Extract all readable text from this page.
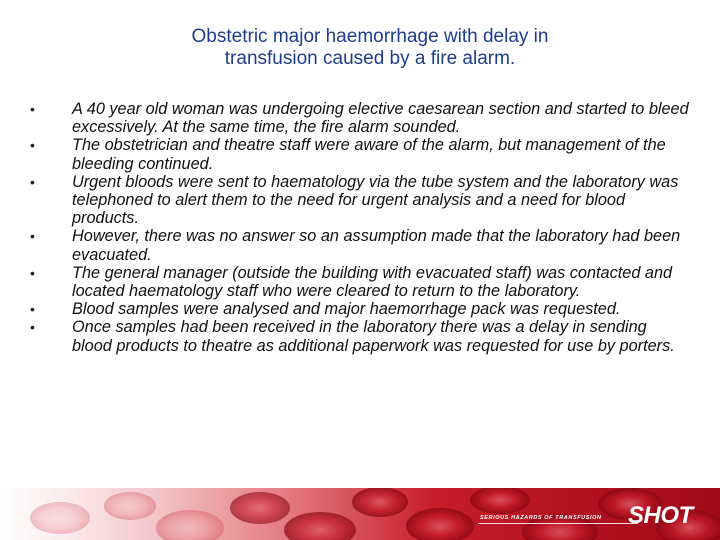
Obstetric major haemorrhage with delay in
transfusion caused by a fire alarm.
• A 40 year old woman was undergoing elective caesarean section and started to bleed excessively. At the same time, the fire alarm sounded.
• The obstetrician and theatre staff were aware of the alarm, but management of the bleeding continued.
• Urgent bloods were sent to haematology via the tube system and the laboratory was telephoned to alert them to the need for urgent analysis and a need for blood products.
• However, there was no answer so an assumption made that the laboratory had been evacuated.
• The general manager (outside the building with evacuated staff) was contacted and located haematology staff who were cleared to return to the laboratory.
• Blood samples were analysed and major haemorrhage pack was requested.
• Once samples had been received in the laboratory there was a delay in sending blood products to theatre as additional paperwork was requested for use by porters.
SERIOUS HAZARDS OF TRANSFUSION SHOT
